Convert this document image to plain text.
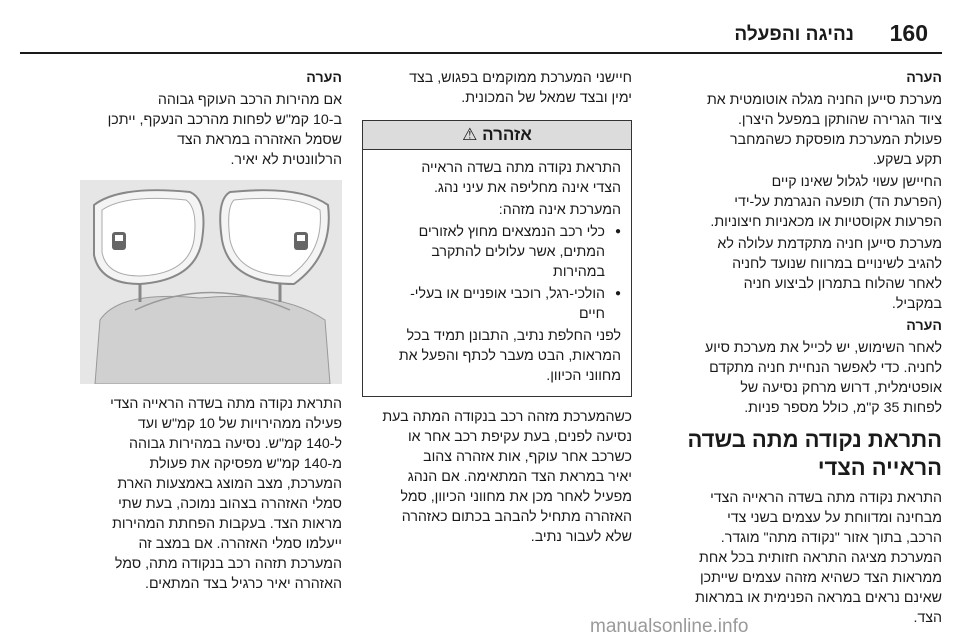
160
נהיגה והפעלה

הערה

מערכת סייען החניה מגלה אוטומטית את
ציוד הגרירה שהותקן במפעל היצרן.
פעולת המערכת מופסקת כשהמחבר
תקע בשקע.

החיישן עשוי לגלול שאינו קיים
(הפרעת הד) תופעה הנגרמת על-ידי
הפרעות אקוסטיות או מכאניות חיצוניות.

מערכת סייען חניה מתקדמת עלולה לא
להגיב לשינויים במרווח שנועד לחניה
לאחר שהלוח בתמרון לביצוע חניה
במקביל.

הערה

לאחר השימוש, יש לכייל את מערכת סיוע
לחניה. כדי לאפשר הנחיית חניה מתקדם
אופטימלית, דרוש מרחק נסיעה של
לפחות 35 ק"מ, כולל מספר פניות.

התראת נקודה מתה בשדה
הראייה הצדי

התראת נקודה מתה בשדה הראייה הצדי
מבחינה ומדווחת על עצמים בשני צדי
הרכב, בתוך אזור "נקודה מתה" מוגדר.
המערכת מציגה התראה חזותית בכל אחת
ממראות הצד כשהיא מזהה עצמים שייתכן
שאינם נראים במראה הפנימית או במראות
הצד.

חיישני המערכת ממוקמים בפגוש, בצד
ימין ובצד שמאל של המכונית.

אזהרה ⚠

התראת נקודה מתה בשדה הראייה
הצדי אינה מחליפה את עיני נהג.

המערכת אינה מזהה:

● כלי רכב הנמצאים מחוץ לאזורים
המתים, אשר עלולים להתקרב
במהירות
● הולכי-רגל, רוכבי אופניים או בעלי-
חיים

לפני החלפת נתיב, התבונן תמיד בכל
המראות, הבט מעבר לכתף והפעל את
מחווני הכיוון.

כשהמערכת מזהה רכב בנקודה המתה בעת
נסיעה לפנים, בעת עקיפת רכב אחר או
כשרכב אחר עוקף, אות אזהרה צהוב
יאיר במראת הצד המתאימה. אם הנהג
מפעיל לאחר מכן את מחווני הכיוון, סמל
האזהרה מתחיל להבהב בכתום כאזהרה
שלא לעבור נתיב.

הערה

אם מהירות הרכב העוקף גבוהה
ב-10 קמ"ש לפחות מהרכב הנעקף, ייתכן
שסמל האזהרה במראת הצד
הרלוונטית לא יאיר.

התראת נקודה מתה בשדה הראייה הצדי
פעילה ממהירויות של 10 קמ"ש ועד
ל-140 קמ"ש. נסיעה במהירות גבוהה
מ-140 קמ"ש מפסיקה את פעולת
המערכת, מצב המוצג באמצעות הארת
סמלי האזהרה בצהוב נמוכה, בעת שתי
מראות הצד. בעקבות הפחתת המהירות
ייעלמו סמלי האזהרה. אם במצב זה
המערכת תזהה רכב בנקודה מתה, סמל
האזהרה יאיר כרגיל בצד המתאים.

manualsonline.info
